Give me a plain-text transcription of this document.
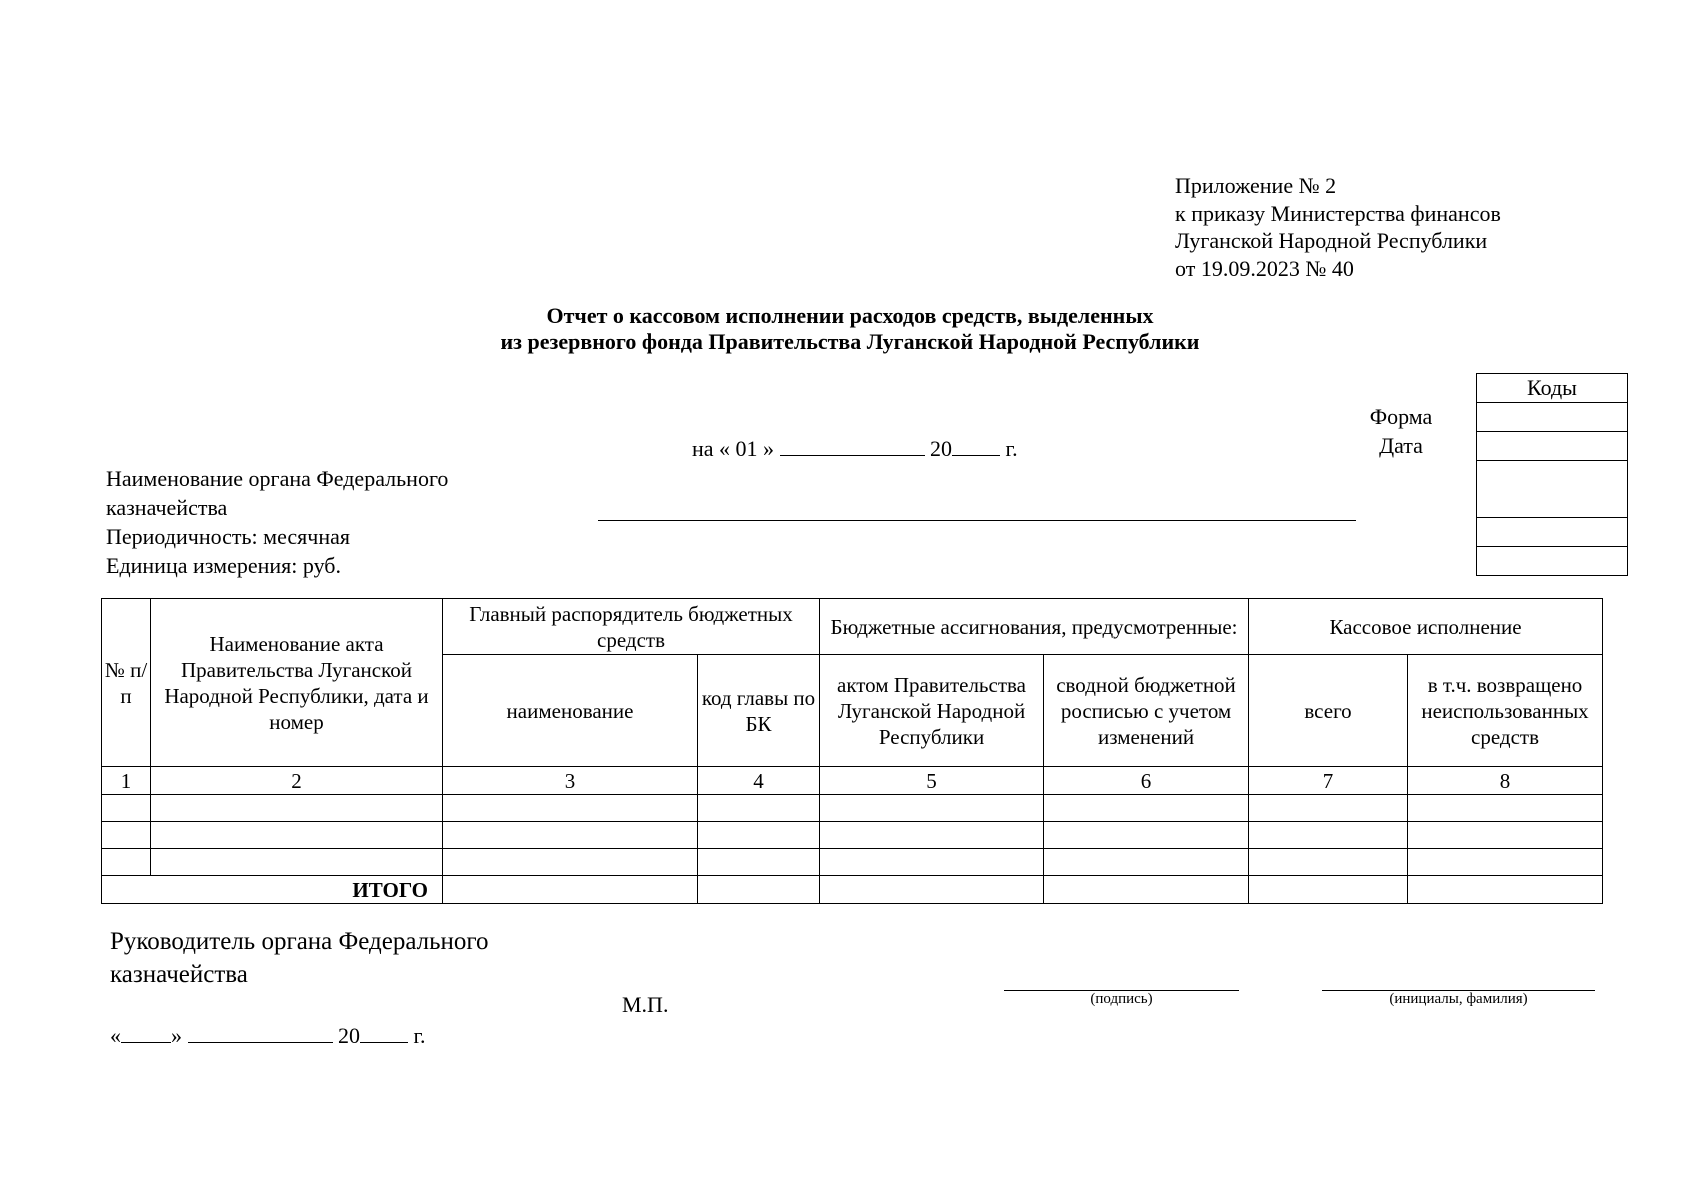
Приложение № 2
к приказу Министерства финансов
Луганской Народной Республики
от 19.09.2023 № 40
Отчет о кассовом исполнении расходов средств, выделенных
из резервного фонда Правительства Луганской Народной Республики
на « 01 »	20 г.
	Коды
Форма	
Дата	

Наименование органа Федерального
казначейства
Периодичность: месячная
Единица измерения: руб.
№ п/п	Наименование акта Правительства Луганской Народной Республики, дата и номер	Главный распорядитель бюджетных средств		Бюджетные ассигнования, предусмотренные:		Кассовое исполнение	
		наименование	код главы по БК	актом Правительства Луганской Народной Республики	сводной бюджетной росписью с учетом изменений	всего	в т.ч. возвращено неиспользованных средств
1	2	3	4	5	6	7	8

ИТОГО							
Руководитель органа Федерального
казначейства
М.П.	(подпись)	(инициалы, фамилия)
« »	20 г.
